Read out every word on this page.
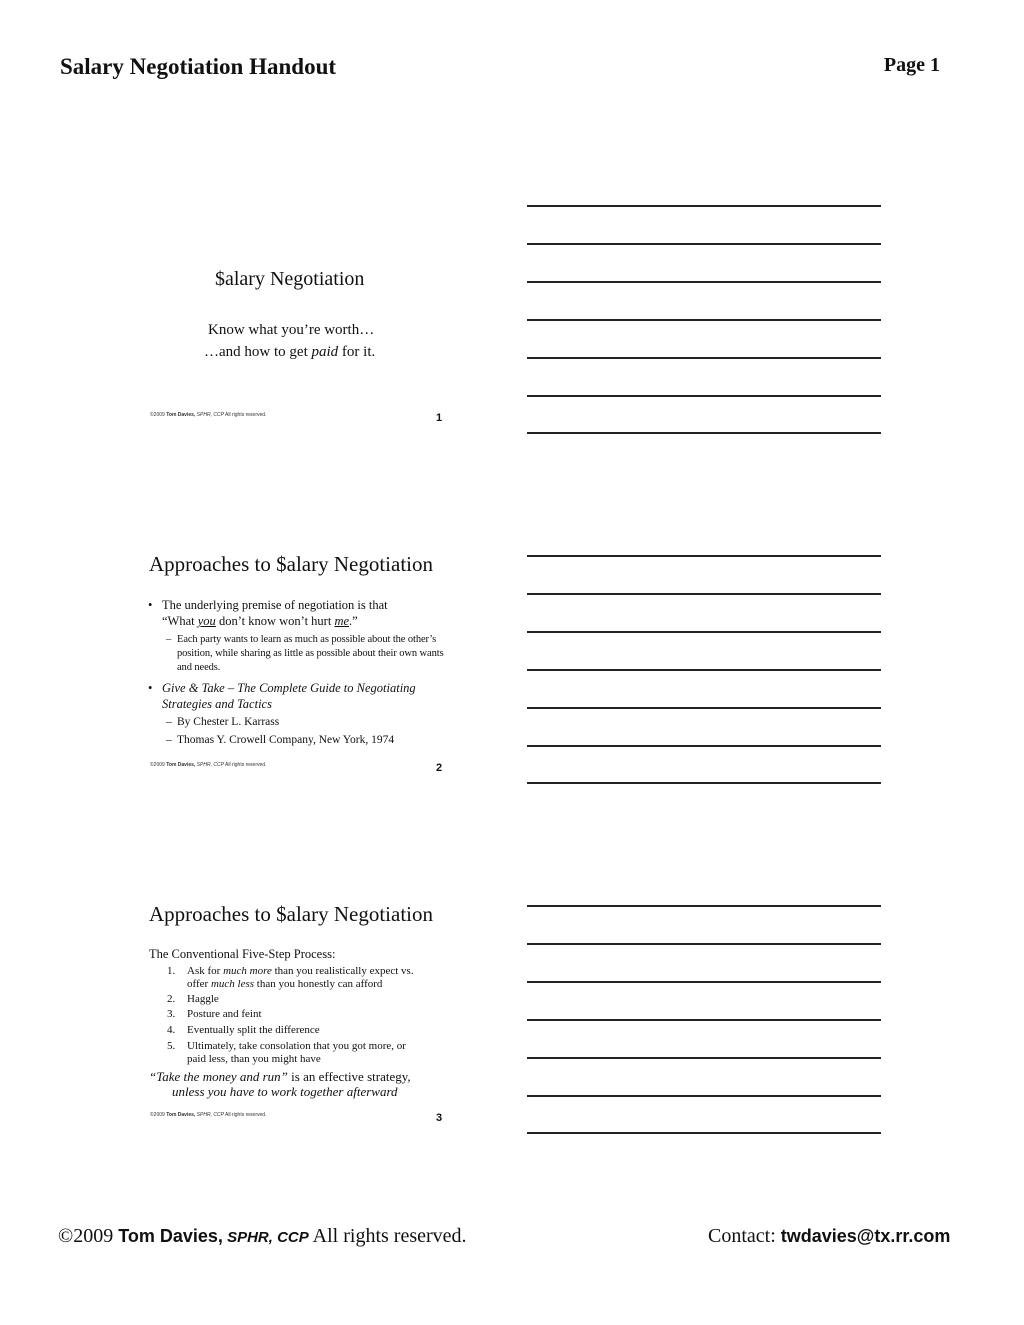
Salary Negotiation Handout	Page 1
$alary Negotiation
Know what you’re worth…
…and how to get paid for it.
©2009 Tom Davies, SPHR, CCP All rights reserved.	1
Approaches to $alary Negotiation
• The underlying premise of negotiation is that
“What you don’t know won’t hurt me.”
– Each party wants to learn as much as possible about the other’s position, while sharing as little as possible about their own wants and needs.
• Give & Take – The Complete Guide to Negotiating
Strategies and Tactics
– By Chester L. Karrass
– Thomas Y. Crowell Company, New York, 1974
©2009 Tom Davies, SPHR, CCP All rights reserved.	2
Approaches to $alary Negotiation
The Conventional Five-Step Process:
1. Ask for much more than you realistically expect vs.
offer much less than you honestly can afford
2. Haggle
3. Posture and feint
4. Eventually split the difference
5. Ultimately, take consolation that you got more, or
paid less, than you might have
“Take the money and run” is an effective strategy,
unless you have to work together afterward
©2009 Tom Davies, SPHR, CCP All rights reserved.	3
©2009 Tom Davies, SPHR, CCP All rights reserved.	Contact: twdavies@tx.rr.com
